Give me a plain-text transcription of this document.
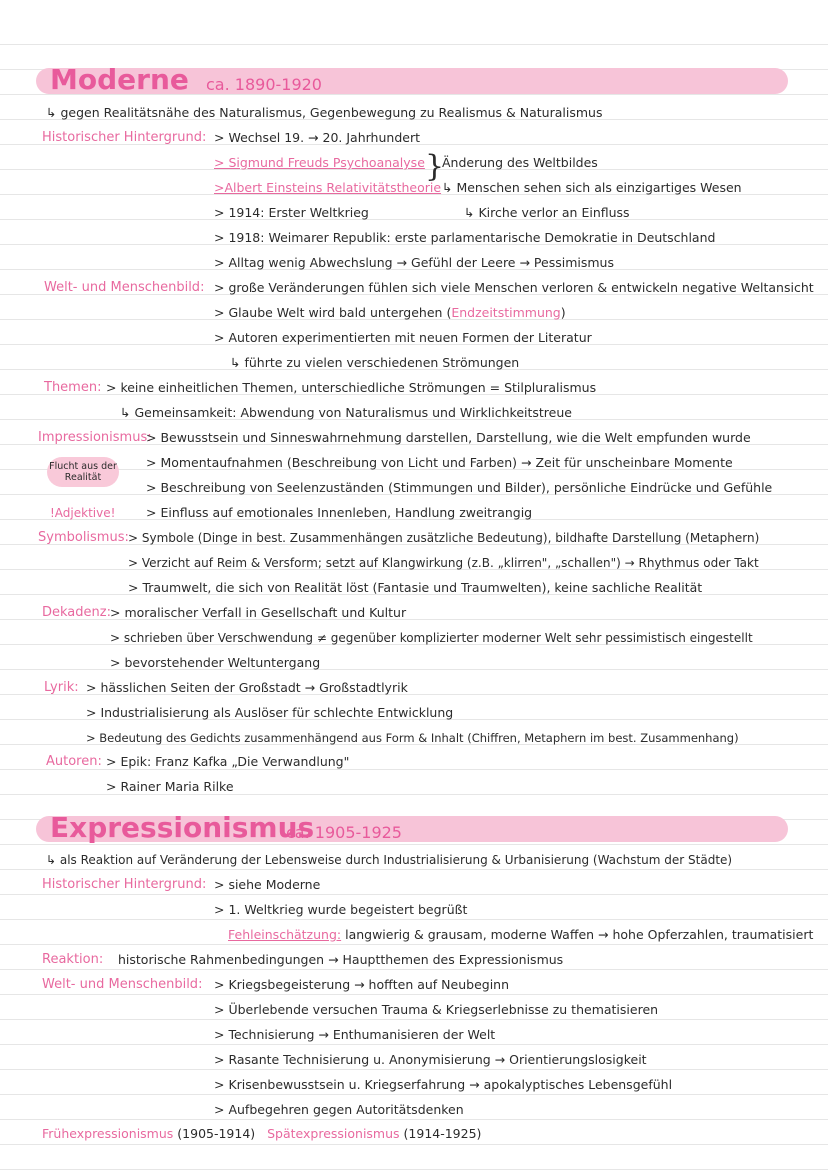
Moderne ca. 1890-1920
↳ gegen Realitätsnähe des Naturalismus, Gegenbewegung zu Realismus & Naturalismus
Historischer Hintergrund: > Wechsel 19. → 20. Jahrhundert
> Sigmund Freuds Psychoanalyse
>Albert Einsteins Relativitätstheorie
}
Änderung des Weltbildes
↳ Menschen sehen sich als einzigartiges Wesen
> 1914: Erster Weltkrieg	↳ Kirche verlor an Einfluss
> 1918: Weimarer Republik: erste parlamentarische Demokratie in Deutschland
> Alltag wenig Abwechslung → Gefühl der Leere → Pessimismus
Welt- und Menschenbild: > große Veränderungen fühlen sich viele Menschen verloren & entwickeln negative Weltansicht
> Glaube Welt wird bald untergehen (Endzeitstimmung)
> Autoren experimentierten mit neuen Formen der Literatur
↳ führte zu vielen verschiedenen Strömungen
Themen: > keine einheitlichen Themen, unterschiedliche Strömungen = Stilpluralismus
↳ Gemeinsamkeit: Abwendung von Naturalismus und Wirklichkeitstreue
Impressionismus:
> Bewusstsein und Sinneswahrnehmung darstellen, Darstellung, wie die Welt empfunden wurde
Flucht aus der Realität
> Momentaufnahmen (Beschreibung von Licht und Farben) → Zeit für unscheinbare Momente
> Beschreibung von Seelenzuständen (Stimmungen und Bilder), persönliche Eindrücke und Gefühle
!Adjektive! > Einfluss auf emotionales Innenleben, Handlung zweitrangig
Symbolismus: > Symbole (Dinge in best. Zusammenhängen zusätzliche Bedeutung), bildhafte Darstellung (Metaphern)
> Verzicht auf Reim & Versform; setzt auf Klangwirkung (z.B. „klirren", „schallen") → Rhythmus oder Takt
> Traumwelt, die sich von Realität löst (Fantasie und Traumwelten), keine sachliche Realität
Dekadenz: > moralischer Verfall in Gesellschaft und Kultur
> schrieben über Verschwendung ≠ gegenüber komplizierter moderner Welt sehr pessimistisch eingestellt
> bevorstehender Weltuntergang
Lyrik: > hässlichen Seiten der Großstadt → Großstadtlyrik
> Industrialisierung als Auslöser für schlechte Entwicklung
> Bedeutung des Gedichts zusammenhängend aus Form & Inhalt (Chiffren, Metaphern im best. Zusammenhang)
Autoren: > Epik: Franz Kafka „Die Verwandlung"
> Rainer Maria Rilke
Expressionismus
ca. 1905-1925
↳ als Reaktion auf Veränderung der Lebensweise durch Industrialisierung & Urbanisierung (Wachstum der Städte)
Historischer Hintergrund: > siehe Moderne
> 1. Weltkrieg wurde begeistert begrüßt
Fehleinschätzung: langwierig & grausam, moderne Waffen → hohe Opferzahlen, traumatisiert
Reaktion: historische Rahmenbedingungen → Hauptthemen des Expressionismus
Welt- und Menschenbild: > Kriegsbegeisterung → hofften auf Neubeginn
> Überlebende versuchen Trauma & Kriegserlebnisse zu thematisieren
> Technisierung → Enthumanisieren der Welt
> Rasante Technisierung u. Anonymisierung → Orientierungslosigkeit
> Krisenbewusstsein u. Kriegserfahrung → apokalyptisches Lebensgefühl
> Aufbegehren gegen Autoritätsdenken
Frühexpressionismus (1905-1914) Spätexpressionismus (1914-1925)
